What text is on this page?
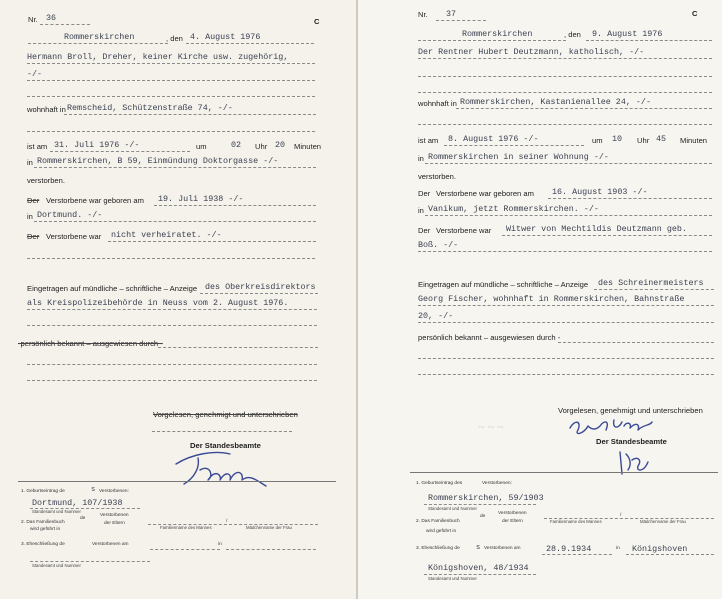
Nr. 36	C
Rommerskirchen	, den 4. August 1976
Hermann Broll, Dreher, keiner Kirche usw. zugehörig,
-/-
wohnhaft in Remscheid, Schützenstraße 74, -/-
ist am 31. Juli 1976 -/-	um	02 Uhr 20 Minuten
in Rommerskirchen, B 59, Einmündung Doktorgasse -/-
verstorben.
Der Verstorbene war geboren am 19. Juli 1938 -/-
in Dortmund. -/-
Der Verstorbene war nicht verheiratet. -/-
Eingetragen auf mündliche – schriftliche – Anzeige des Oberkreisdirektors
als Kreispolizeibehörde in Neuss vom 2. August 1976.
-persönlich bekannt – ausgewiesen durch -
Vorgelesen, genehmigt und unterschrieben
Der Standesbeamte
1. Geburtseintrag de	s Verstorbenen:
Dortmund, 107/1938
Standesamt und Nummer
2. Das Familienbuch
de
Verstorbenen
der Eltern
wird geführt in	Familienname des Mannes
/
Mädchenname der Frau
3. Eheschließung de	Verstorbenen am	in
Standesamt und Nummer
~ ~ ~
Nr. 37	C
Rommerskirchen	, den 9. August 1976
Der Rentner Hubert Deutzmann, katholisch, -/-
wohnhaft in Rommerskirchen, Kastanienallee 24, -/-
ist am 8. August 1976 -/-	um 10 Uhr 45 Minuten
in Rommerskirchen in seiner Wohnung -/-
verstorben.
Der Verstorbene war geboren am 16. August 1903 -/-
in Vanikum, jetzt Rommerskirchen. -/-
Der Verstorbene war Witwer von Mechtildis Deutzmann geb.
Boß. -/-
Eingetragen auf mündliche – schriftliche – Anzeige des Schreinermeisters
Georg Fischer, wohnhaft in Rommerskirchen, Bahnstraße
20, -/-
persönlich bekannt – ausgewiesen durch -
Vorgelesen, genehmigt und unterschrieben
Der Standesbeamte
1. Geburtseintrag des	Verstorbenen:
Rommerskirchen, 59/1903
Standesamt und Nummer
2. Das Familienbuch
de
Verstorbenen
der Eltern
wird geführt in
Familienname des Mannes
/
Mädchenname der Frau
3. Eheschließung de s Verstorbenen am	28.9.1934	in Königshoven
Königshoven, 48/1934
Standesamt und Nummer
